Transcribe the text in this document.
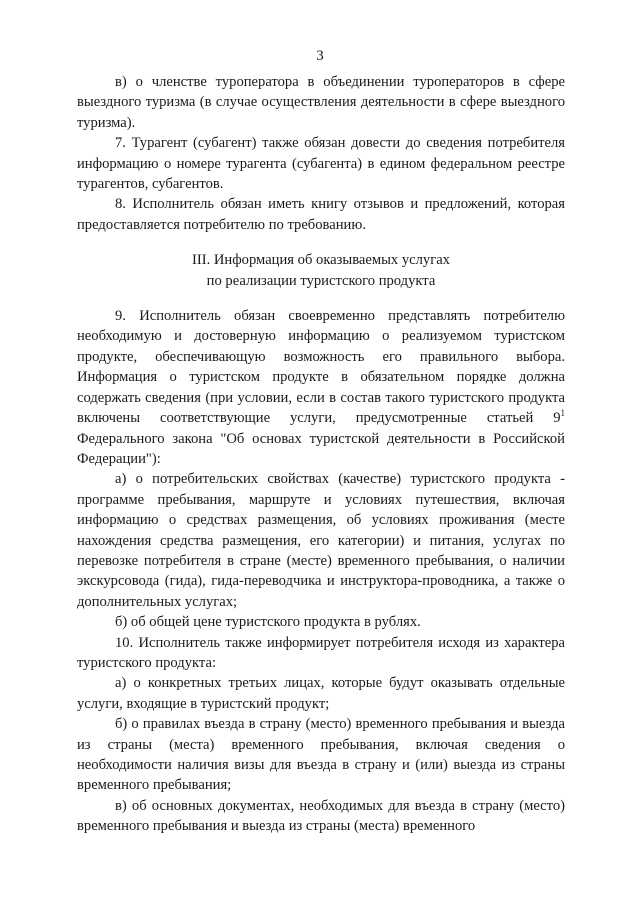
3

в) о членстве туроператора в объединении туроператоров в сфере выездного туризма (в случае осуществления деятельности в сфере выездного туризма).

7. Турагент (субагент) также обязан довести до сведения потребителя информацию о номере турагента (субагента) в едином федеральном реестре турагентов, субагентов.

8. Исполнитель обязан иметь книгу отзывов и предложений, которая предоставляется потребителю по требованию.

III. Информация об оказываемых услугах
по реализации туристского продукта

9. Исполнитель обязан своевременно представлять потребителю необходимую и достоверную информацию о реализуемом туристском продукте, обеспечивающую возможность его правильного выбора. Информация о туристском продукте в обязательном порядке должна содержать сведения (при условии, если в состав такого туристского продукта включены соответствующие услуги, предусмотренные статьей $9^1$ Федерального закона "Об основах туристской деятельности в Российской Федерации"):

а) о потребительских свойствах (качестве) туристского продукта - программе пребывания, маршруте и условиях путешествия, включая информацию о средствах размещения, об условиях проживания (месте нахождения средства размещения, его категории) и питания, услугах по перевозке потребителя в стране (месте) временного пребывания, о наличии экскурсовода (гида), гида-переводчика и инструктора-проводника, а также о дополнительных услугах;

б) об общей цене туристского продукта в рублях.

10. Исполнитель также информирует потребителя исходя из характера туристского продукта:

а) о конкретных третьих лицах, которые будут оказывать отдельные услуги, входящие в туристский продукт;

б) о правилах въезда в страну (место) временного пребывания и выезда из страны (места) временного пребывания, включая сведения о необходимости наличия визы для въезда в страну и (или) выезда из страны временного пребывания;

в) об основных документах, необходимых для въезда в страну (место) временного пребывания и выезда из страны (места) временного
